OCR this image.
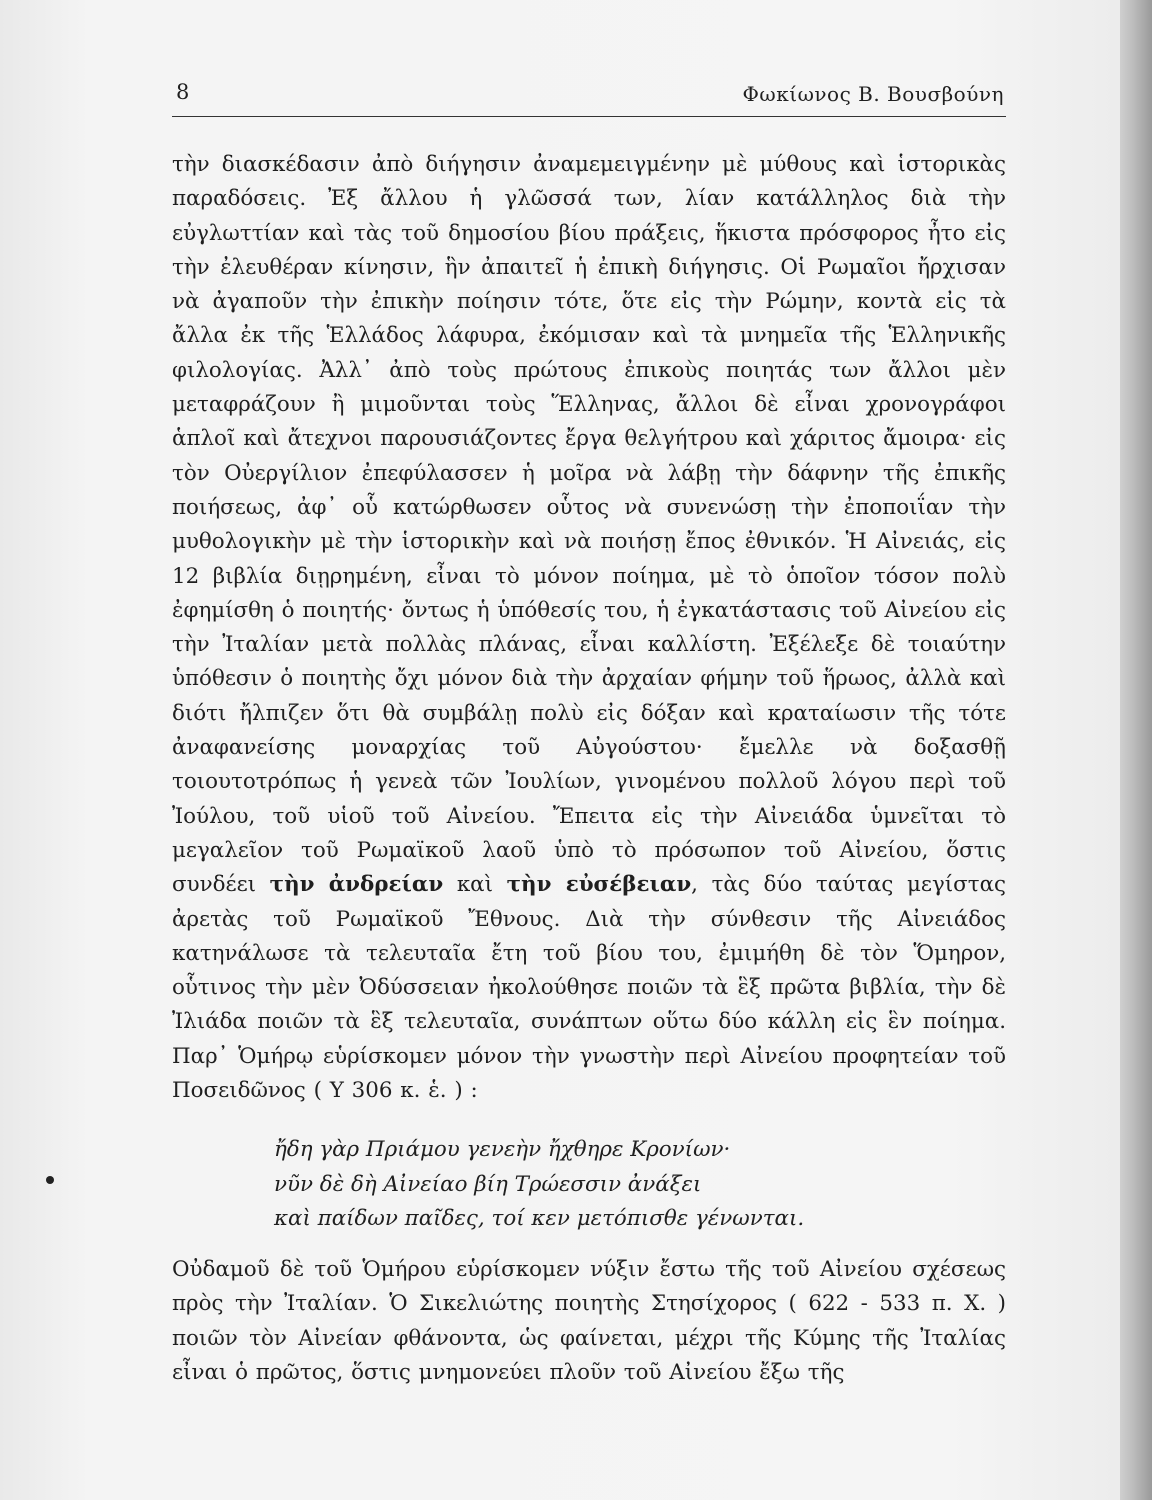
8	Φωκίωνος Β. Βουσβούνη

τὴν διασκέδασιν ἀπὸ διήγησιν ἀναμεμειγμένην μὲ μύθους καὶ ἱστορικὰς παραδόσεις. Ἐξ ἄλλου ἡ γλῶσσά των, λίαν κατάλληλος διὰ τὴν εὐγλωττίαν καὶ τὰς τοῦ δημοσίου βίου πράξεις, ἥκιστα πρόσφορος ἦτο εἰς τὴν ἐλευθέραν κίνησιν, ἣν ἀπαιτεῖ ἡ ἐπικὴ διήγησις. Οἱ Ρωμαῖοι ἤρχισαν νὰ ἀγαποῦν τὴν ἐπικὴν ποίησιν τότε, ὅτε εἰς τὴν Ρώμην, κοντὰ εἰς τὰ ἄλλα ἐκ τῆς Ἑλλάδος λάφυρα, ἐκόμισαν καὶ τὰ μνημεῖα τῆς Ἑλληνικῆς φιλολογίας. Ἀλλ᾽ ἀπὸ τοὺς πρώτους ἐπικοὺς ποιητάς των ἄλλοι μὲν μεταφράζουν ἢ μιμοῦνται τοὺς Ἕλληνας, ἄλλοι δὲ εἶναι χρονογράφοι ἁπλοῖ καὶ ἄτεχνοι παρουσιάζοντες ἔργα θελγήτρου καὶ χάριτος ἄμοιρα· εἰς τὸν Οὐεργίλιον ἐπεφύλασσεν ἡ μοῖρα νὰ λάβῃ τὴν δάφνην τῆς ἐπικῆς ποιήσεως, ἀφ᾽ οὗ κατώρθωσεν οὗτος νὰ συνενώσῃ τὴν ἐποποιΐαν τὴν μυθολογικὴν μὲ τὴν ἱστορικὴν καὶ νὰ ποιήσῃ ἔπος ἐθνικόν. Ἡ Αἰνειάς, εἰς 12 βιβλία διῃρημένη, εἶναι τὸ μόνον ποίημα, μὲ τὸ ὁποῖον τόσον πολὺ ἐφημίσθη ὁ ποιητής· ὄντως ἡ ὑπόθεσίς του, ἡ ἐγκατάστασις τοῦ Αἰνείου εἰς τὴν Ἰταλίαν μετὰ πολλὰς πλάνας, εἶναι καλλίστη. Ἐξέλεξε δὲ τοιαύτην ὑπόθεσιν ὁ ποιητὴς ὄχι μόνον διὰ τὴν ἀρχαίαν φήμην τοῦ ἥρωος, ἀλλὰ καὶ διότι ἤλπιζεν ὅτι θὰ συμβάλῃ πολὺ εἰς δόξαν καὶ κραταίωσιν τῆς τότε ἀναφανείσης μοναρχίας τοῦ Αὐγούστου· ἔμελλε νὰ δοξασθῇ τοιουτοτρόπως ἡ γενεὰ τῶν Ἰουλίων, γινομένου πολλοῦ λόγου περὶ τοῦ Ἰούλου, τοῦ υἱοῦ τοῦ Αἰνείου. Ἔπειτα εἰς τὴν Αἰνειάδα ὑμνεῖται τὸ μεγαλεῖον τοῦ Ρωμαϊκοῦ λαοῦ ὑπὸ τὸ πρόσωπον τοῦ Αἰνείου, ὅστις συνδέει τὴν ἀνδρείαν καὶ τὴν εὐσέβειαν, τὰς δύο ταύτας μεγίστας ἀρετὰς τοῦ Ρωμαϊκοῦ Ἔθνους. Διὰ τὴν σύνθεσιν τῆς Αἰνειάδος κατηνάλωσε τὰ τελευταῖα ἔτη τοῦ βίου του, ἐμιμήθη δὲ τὸν Ὅμηρον, οὗτινος τὴν μὲν Ὀδύσσειαν ἠκολούθησε ποιῶν τὰ ἓξ πρῶτα βιβλία, τὴν δὲ Ἰλιάδα ποιῶν τὰ ἓξ τελευταῖα, συνάπτων οὕτω δύο κάλλη εἰς ἓν ποίημα. Παρ᾽ Ὁμήρῳ εὑρίσκομεν μόνον τὴν γνωστὴν περὶ Αἰνείου προφητείαν τοῦ Ποσειδῶνος ( Υ 306 κ. ἑ. ) :

ἤδη γὰρ Πριάμου γενεὴν ἤχθηρε Κρονίων·
νῦν δὲ δὴ Αἰνείαο βίη Τρώεσσιν ἀνάξει
καὶ παίδων παῖδες, τοί κεν μετόπισθε γένωνται.

Οὐδαμοῦ δὲ τοῦ Ὁμήρου εὑρίσκομεν νύξιν ἔστω τῆς τοῦ Αἰνείου σχέσεως πρὸς τὴν Ἰταλίαν. Ὁ Σικελιώτης ποιητὴς Στησίχορος ( 622 - 533 π. Χ. ) ποιῶν τὸν Αἰνείαν φθάνοντα, ὡς φαίνεται, μέχρι τῆς Κύμης τῆς Ἰταλίας εἶναι ὁ πρῶτος, ὅστις μνημονεύει πλοῦν τοῦ Αἰνείου ἔξω τῆς
